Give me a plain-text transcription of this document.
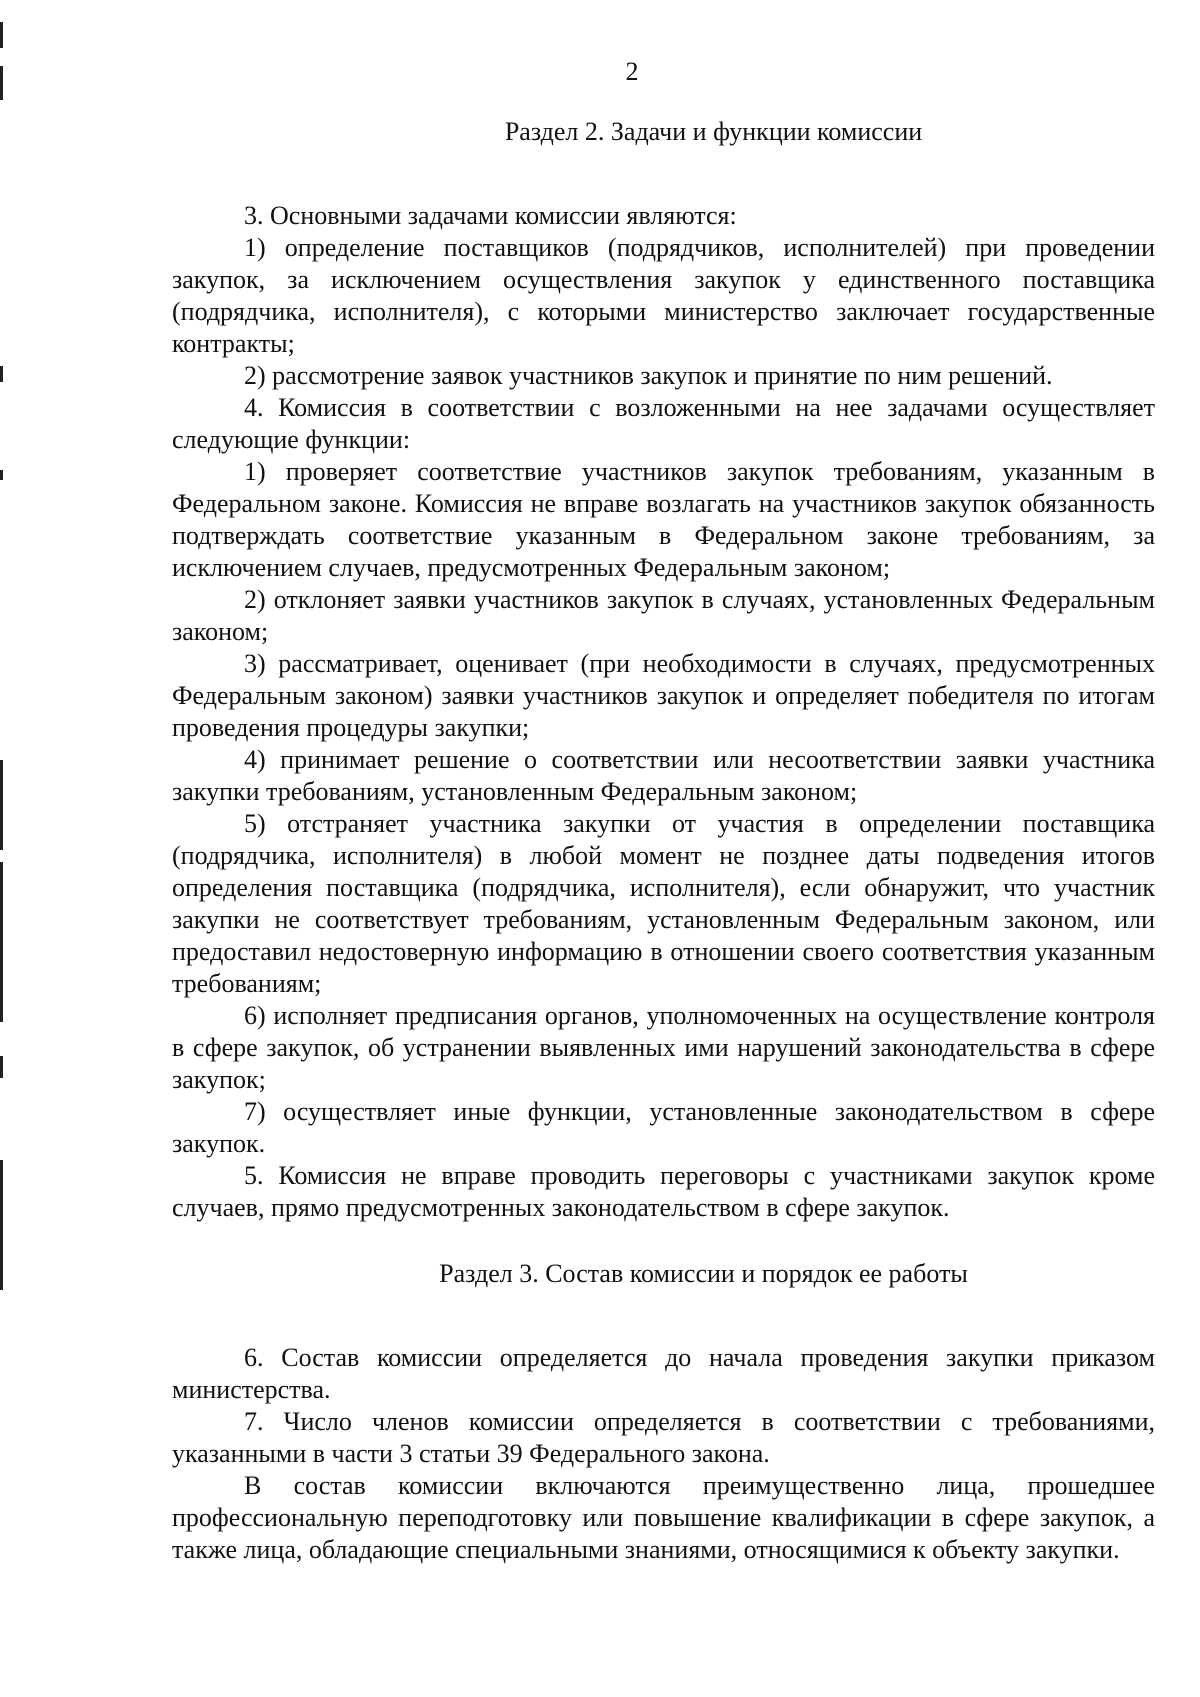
2
Раздел 2. Задачи и функции комиссии

3. Основными задачами комиссии являются:

1) определение поставщиков (подрядчиков, исполнителей) при проведении закупок, за исключением осуществления закупок у единственного поставщика (подрядчика, исполнителя), с которыми министерство заключает государственные контракты;

2) рассмотрение заявок участников закупок и принятие по ним решений.

4. Комиссия в соответствии с возложенными на нее задачами осуществляет следующие функции:

1) проверяет соответствие участников закупок требованиям, указанным в Федеральном законе. Комиссия не вправе возлагать на участников закупок обязанность подтверждать соответствие указанным в Федеральном законе требованиям, за исключением случаев, предусмотренных Федеральным законом;

2) отклоняет заявки участников закупок в случаях, установленных Федеральным законом;

3) рассматривает, оценивает (при необходимости в случаях, предусмотренных Федеральным законом) заявки участников закупок и определяет победителя по итогам проведения процедуры закупки;

4) принимает решение о соответствии или несоответствии заявки участника закупки требованиям, установленным Федеральным законом;

5) отстраняет участника закупки от участия в определении поставщика (подрядчика, исполнителя) в любой момент не позднее даты подведения итогов определения поставщика (подрядчика, исполнителя), если обнаружит, что участник закупки не соответствует требованиям, установленным Федеральным законом, или предоставил недостоверную информацию в отношении своего соответствия указанным требованиям;

6) исполняет предписания органов, уполномоченных на осуществление контроля в сфере закупок, об устранении выявленных ими нарушений законодательства в сфере закупок;

7) осуществляет иные функции, установленные законодательством в сфере закупок.

5. Комиссия не вправе проводить переговоры с участниками закупок кроме случаев, прямо предусмотренных законодательством в сфере закупок.

Раздел 3. Состав комиссии и порядок ее работы

6. Состав комиссии определяется до начала проведения закупки приказом министерства.

7. Число членов комиссии определяется в соответствии с требованиями, указанными в части 3 статьи 39 Федерального закона.

В состав комиссии включаются преимущественно лица, прошедшее профессиональную переподготовку или повышение квалификации в сфере закупок, а также лица, обладающие специальными знаниями, относящимися к объекту закупки.
